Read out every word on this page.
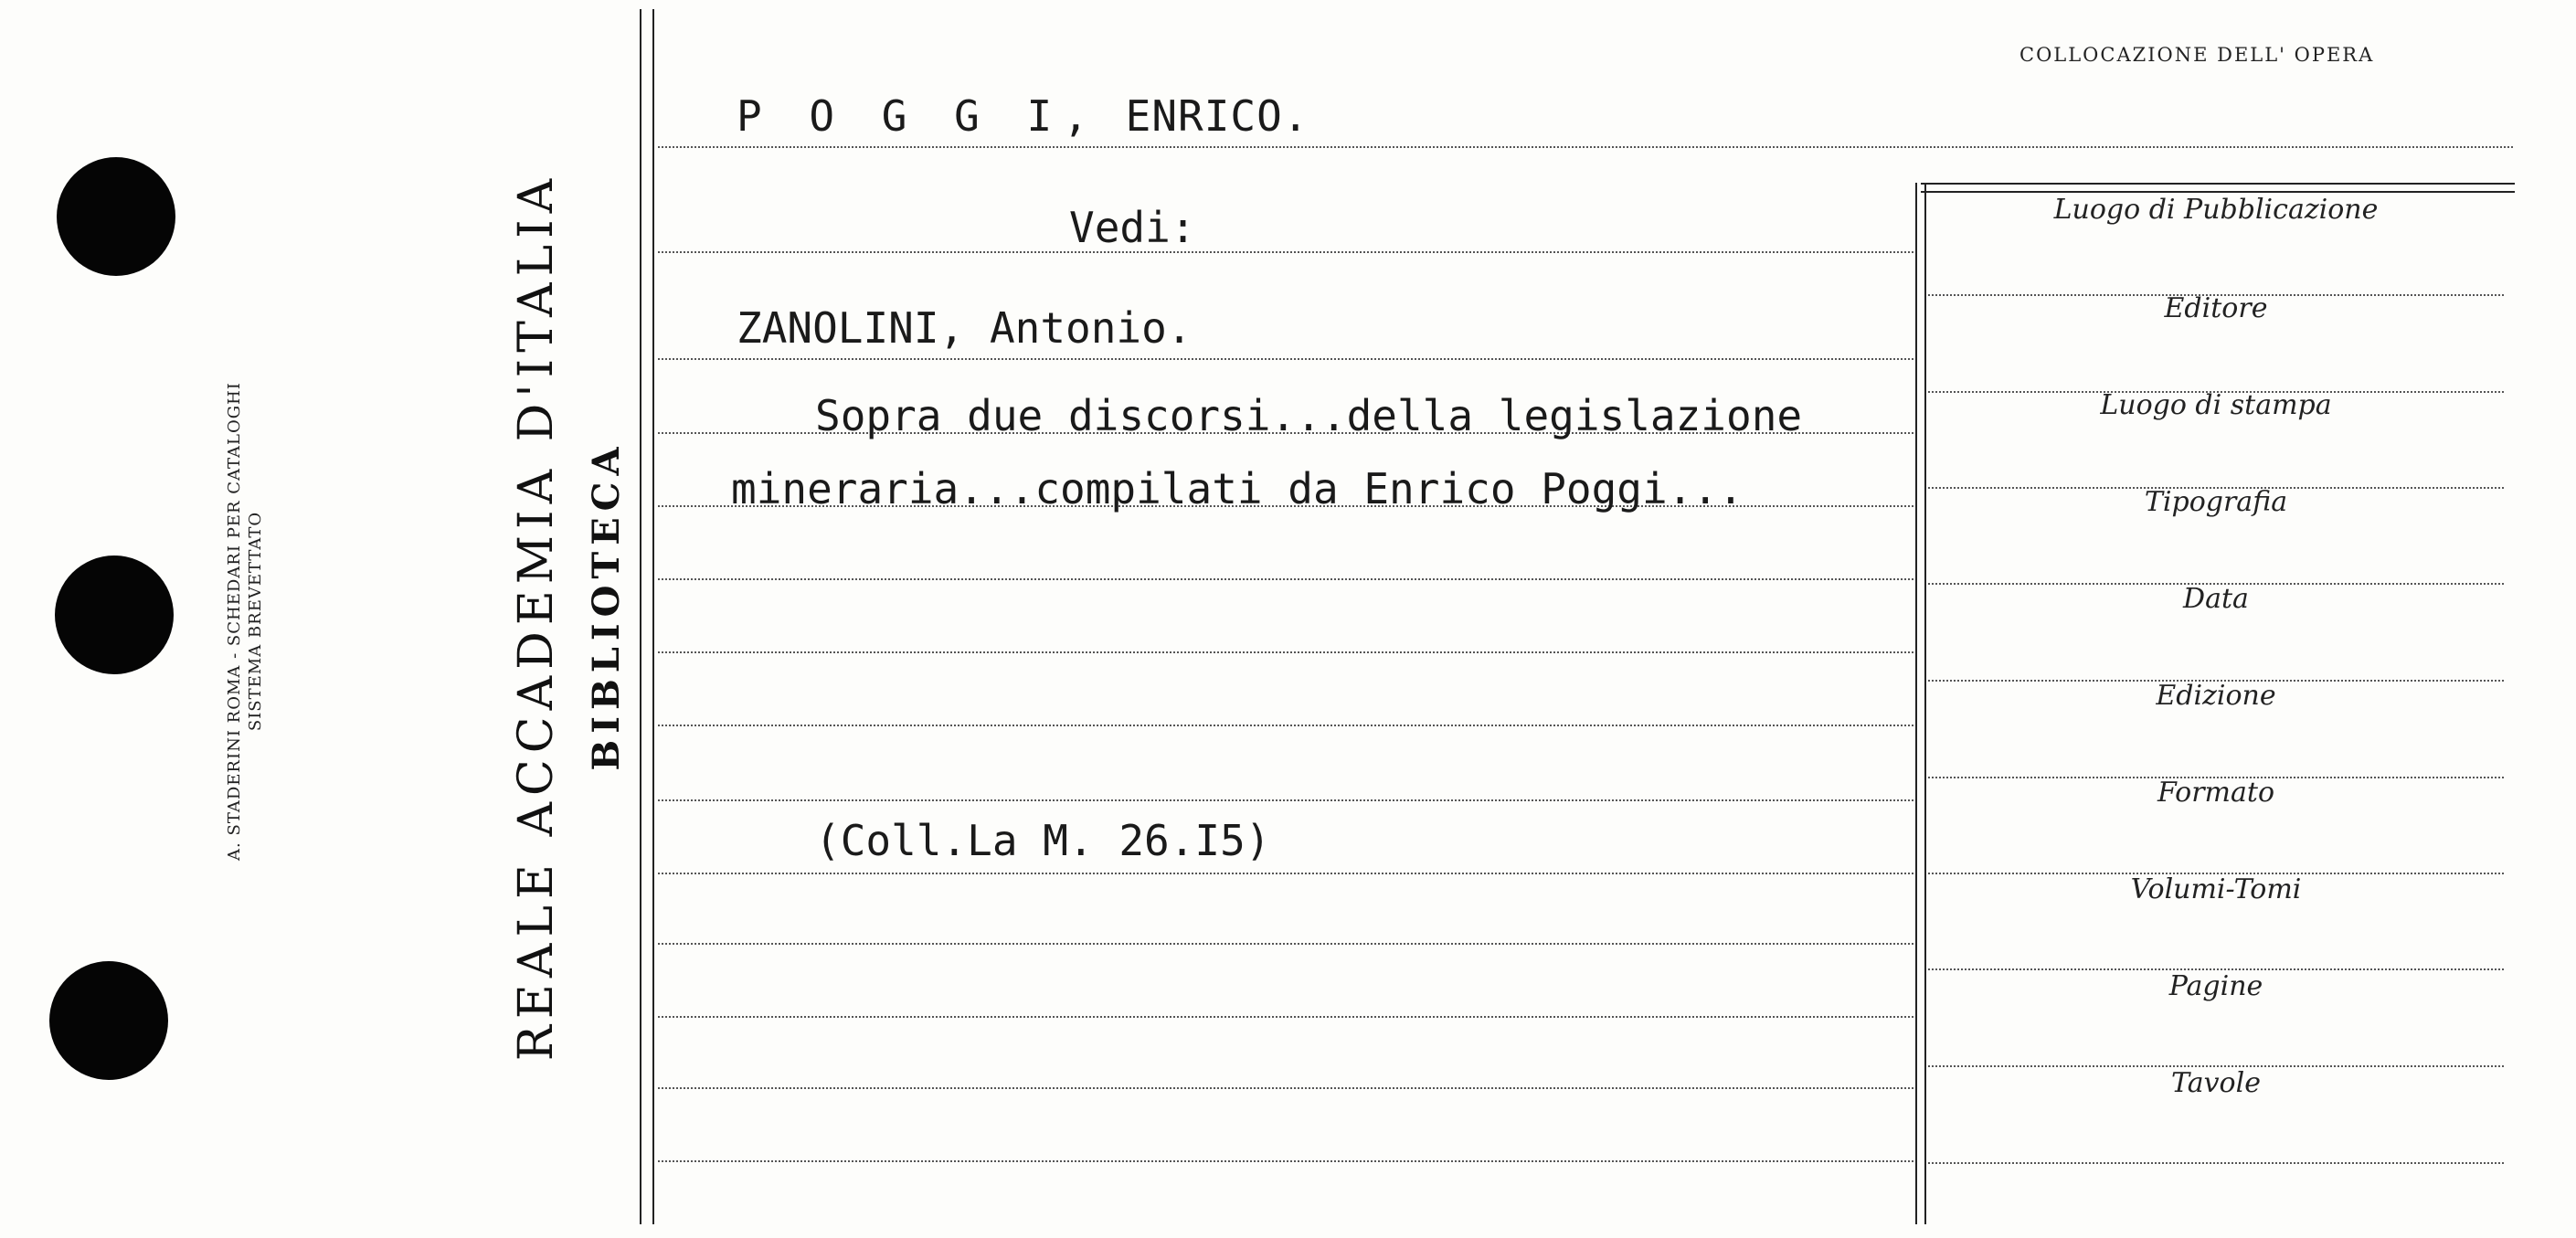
A. STADERINI ROMA - SCHEDARI PER CATALOGHI SISTEMA BREVETTATO	REALE ACCADEMIA D'ITALIA BIBLIOTECA
COLLOCAZIONE DELL' OPERA
P O G G I, ENRICO.
Vedi:
ZANOLINI, Antonio.
Sopra due discorsi...della legislazione
mineraria...compilati da Enrico Poggi...
(Coll.La M. 26.I5)
Luogo di Pubblicazione
Editore
Luogo di stampa
Tipografia
Data
Edizione
Formato
Volumi-Tomi
Pagine
Tavole
